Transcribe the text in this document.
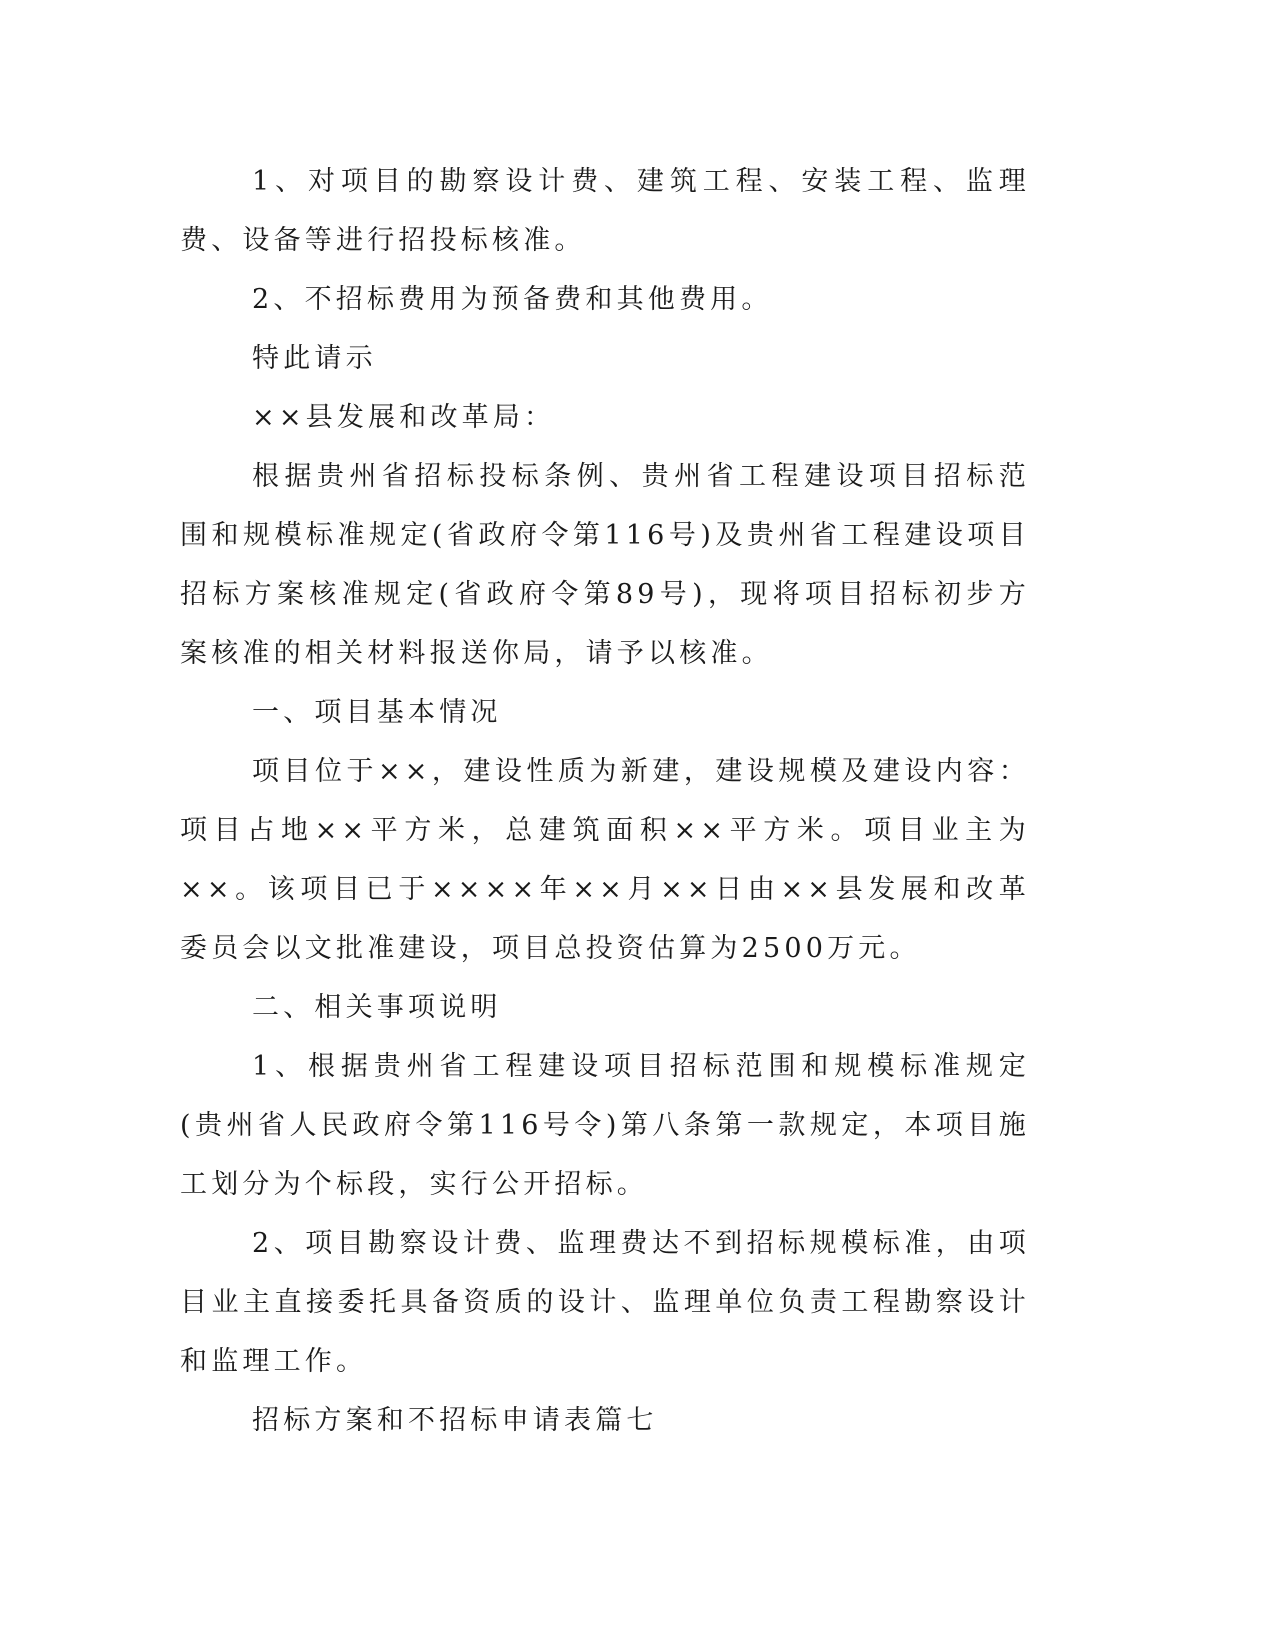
1、对项目的勘察设计费、建筑工程、安装工程、监理费、设备等进行招投标核准。

2、不招标费用为预备费和其他费用。

特此请示

××县发展和改革局：

根据贵州省招标投标条例、贵州省工程建设项目招标范围和规模标准规定(省政府令第116号)及贵州省工程建设项目招标方案核准规定(省政府令第89号)，现将项目招标初步方案核准的相关材料报送你局，请予以核准。

一、项目基本情况

项目位于××，建设性质为新建，建设规模及建设内容：项目占地××平方米，总建筑面积××平方米。项目业主为××。该项目已于××××年××月××日由××县发展和改革委员会以文批准建设，项目总投资估算为2500万元。

二、相关事项说明

1、根据贵州省工程建设项目招标范围和规模标准规定(贵州省人民政府令第116号令)第八条第一款规定，本项目施工划分为个标段，实行公开招标。

2、项目勘察设计费、监理费达不到招标规模标准，由项目业主直接委托具备资质的设计、监理单位负责工程勘察设计和监理工作。

招标方案和不招标申请表篇七
